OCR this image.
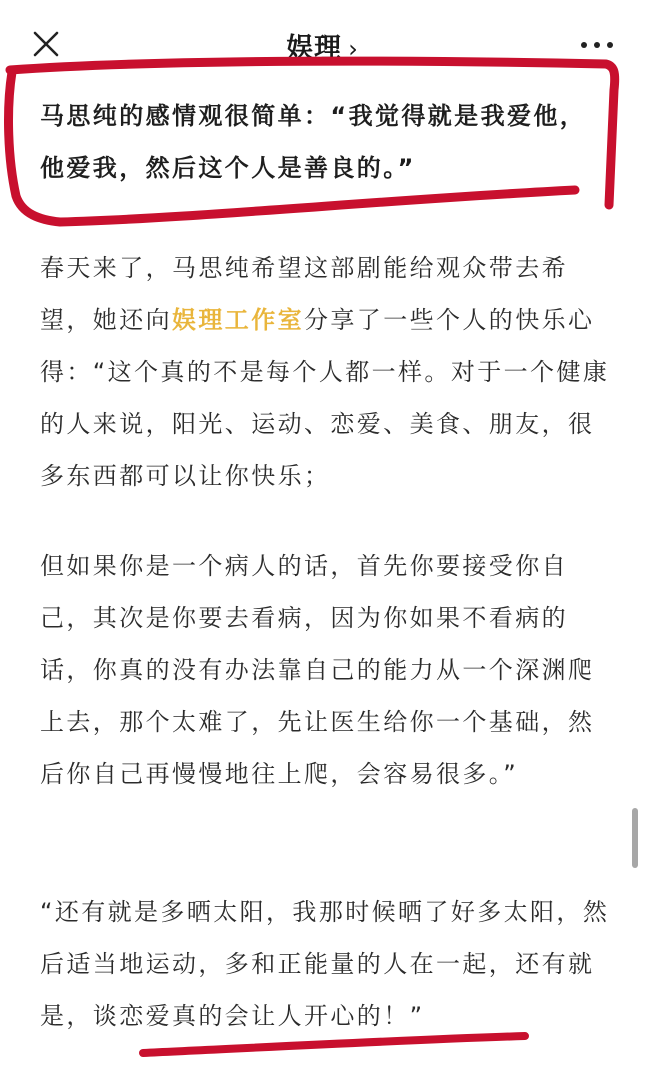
娱理 ›

马思纯的感情观很简单：“我觉得就是我爱他，他爱我，然后这个人是善良的。”

春天来了，马思纯希望这部剧能给观众带去希望，她还向娱理工作室分享了一些个人的快乐心得：“这个真的不是每个人都一样。对于一个健康的人来说，阳光、运动、恋爱、美食、朋友，很多东西都可以让你快乐；

但如果你是一个病人的话，首先你要接受你自己，其次是你要去看病，因为你如果不看病的话，你真的没有办法靠自己的能力从一个深渊爬上去，那个太难了，先让医生给你一个基础，然后你自己再慢慢地往上爬，会容易很多。”

“还有就是多晒太阳，我那时候晒了好多太阳，然后适当地运动，多和正能量的人在一起，还有就是，谈恋爱真的会让人开心的！”
